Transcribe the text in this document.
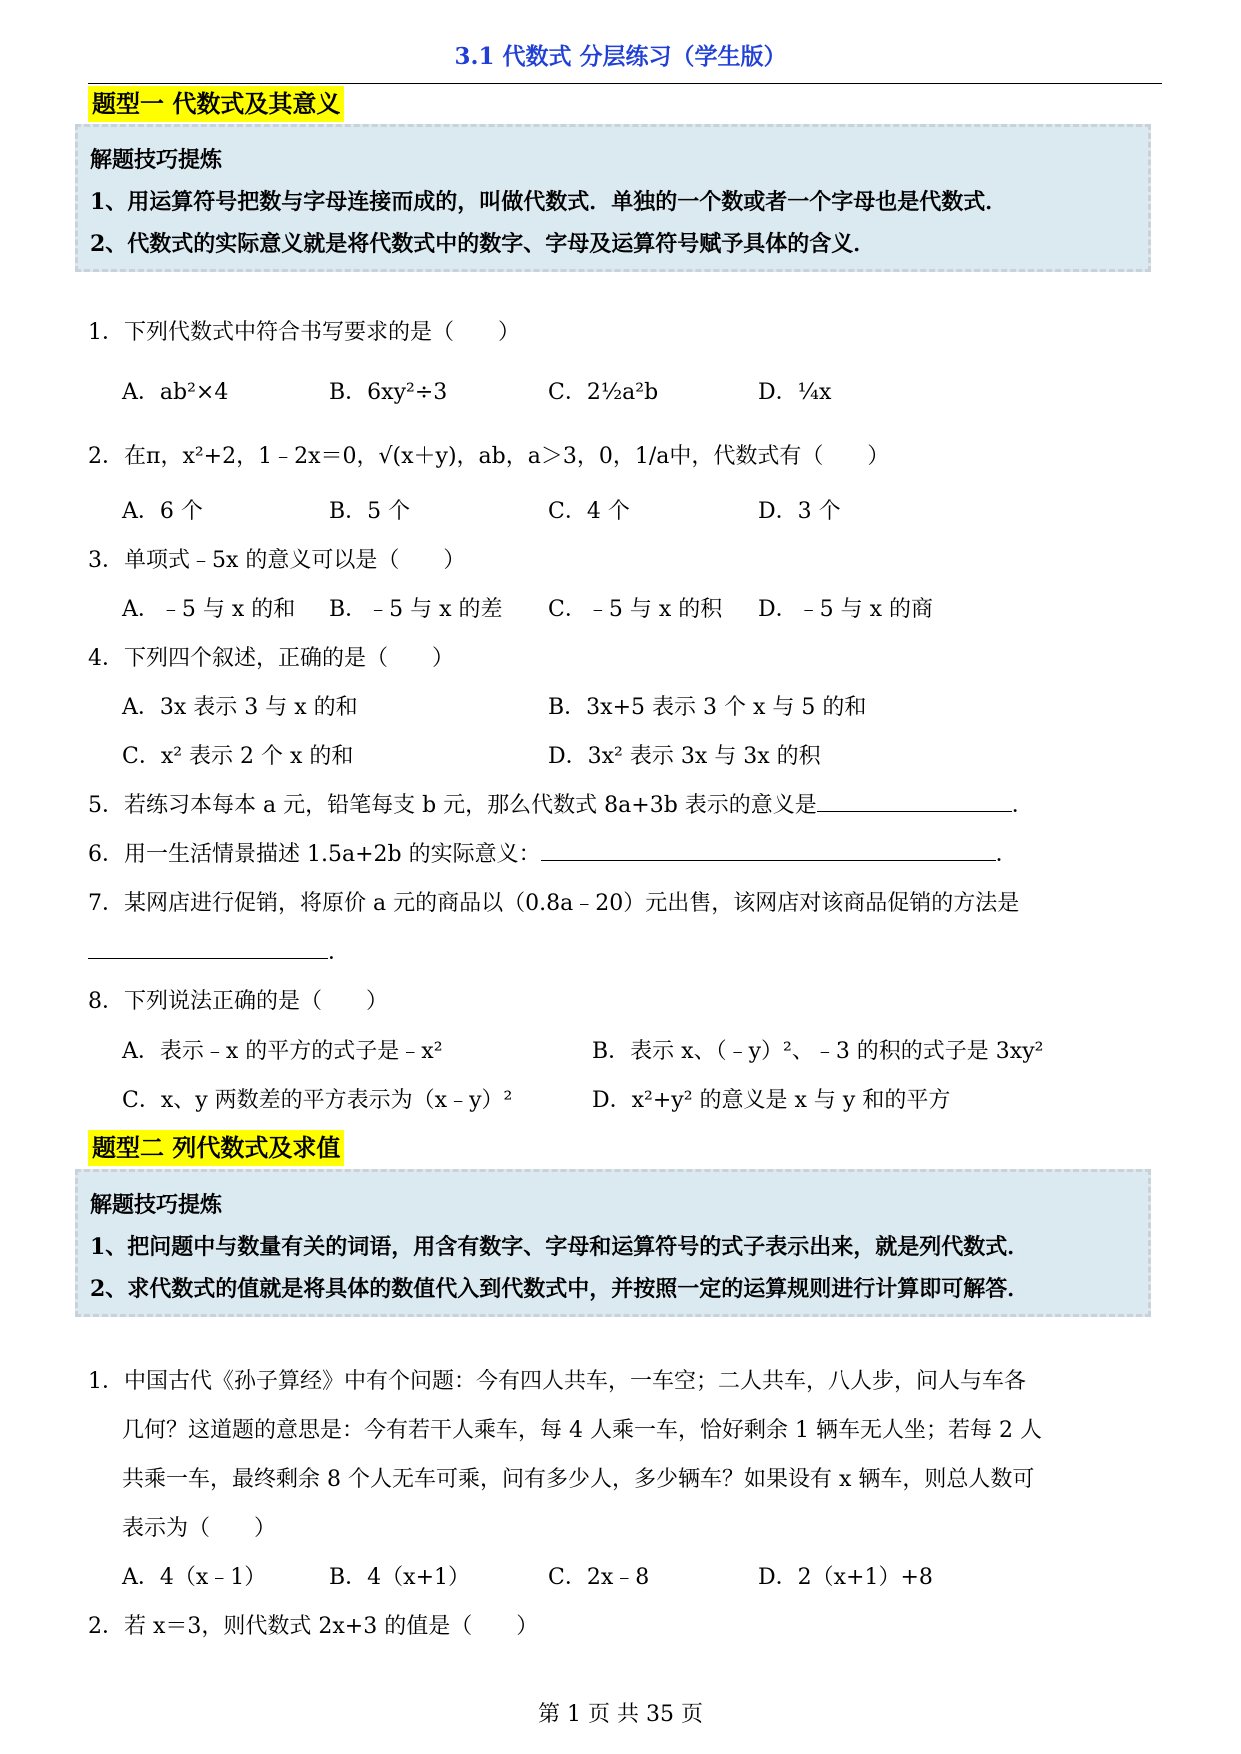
3.1 代数式 分层练习（学生版）
题型一 代数式及其意义
解题技巧提炼
1、用运算符号把数与字母连接而成的，叫做代数式．单独的一个数或者一个字母也是代数式．
2、代数式的实际意义就是将代数式中的数字、字母及运算符号赋予具体的含义．
1．下列代数式中符合书写要求的是（　　）
A．ab²×4	B．6xy²÷3	C．2½a²b	D．¼x
2．在π，x²+2，1﹣2x＝0，√(x＋y)，ab，a＞3，0，1/a中，代数式有（　　）
A．6 个	B．5 个	C．4 个	D．3 个
3．单项式﹣5x 的意义可以是（　　）
A．﹣5 与 x 的和 B．﹣5 与 x 的差 C．﹣5 与 x 的积 D．﹣5 与 x 的商
4．下列四个叙述，正确的是（　　）
A．3x 表示 3 与 x 的和	B．3x+5 表示 3 个 x 与 5 的和
C．x² 表示 2 个 x 的和	D．3x² 表示 3x 与 3x 的积
5．若练习本每本 a 元，铅笔每支 b 元，那么代数式 8a+3b 表示的意义是	．
6．用一生活情景描述 1.5a+2b 的实际意义：	．
7．某网店进行促销，将原价 a 元的商品以（0.8a﹣20）元出售，该网店对该商品促销的方法是
．
8．下列说法正确的是（　　）
A．表示﹣x 的平方的式子是﹣x²	B．表示 x、（﹣y）²、﹣3 的积的式子是 3xy²
C．x、y 两数差的平方表示为（x﹣y）²	D．x²+y² 的意义是 x 与 y 和的平方
题型二 列代数式及求值
解题技巧提炼
1、把问题中与数量有关的词语，用含有数字、字母和运算符号的式子表示出来，就是列代数式．
2、求代数式的值就是将具体的数值代入到代数式中，并按照一定的运算规则进行计算即可解答．
1．中国古代《孙子算经》中有个问题：今有四人共车，一车空；二人共车，八人步，问人与车各
几何？这道题的意思是：今有若干人乘车，每 4 人乘一车，恰好剩余 1 辆车无人坐；若每 2 人
共乘一车，最终剩余 8 个人无车可乘，问有多少人，多少辆车？如果设有 x 辆车，则总人数可
表示为（　　）
A．4（x﹣1）	B．4（x+1）	C．2x﹣8	D．2（x+1）+8
2．若 x＝3，则代数式 2x+3 的值是（　　）
第 1 页 共 35 页
